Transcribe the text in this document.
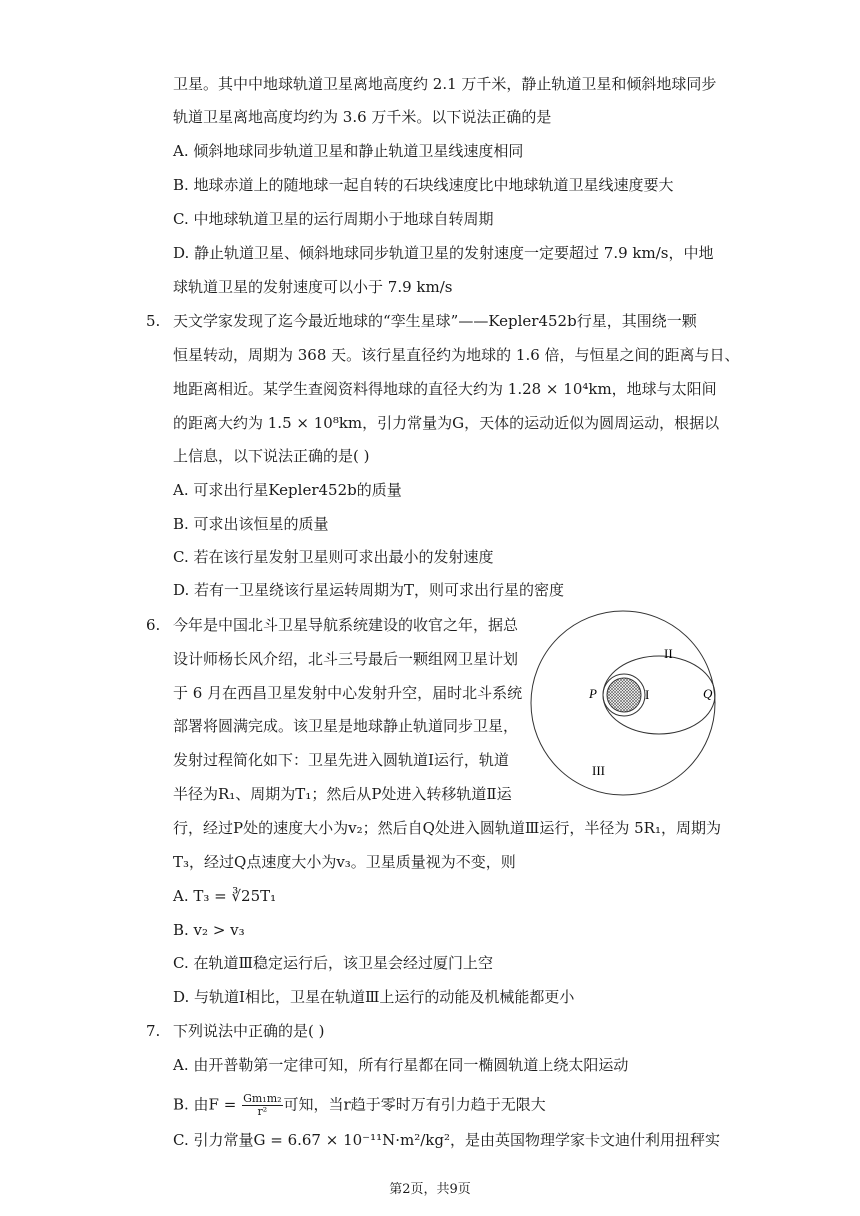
卫星。其中中地球轨道卫星离地高度约 2.1 万千米，静止轨道卫星和倾斜地球同步
轨道卫星离地高度均约为 3.6 万千米。以下说法正确的是
A. 倾斜地球同步轨道卫星和静止轨道卫星线速度相同
B. 地球赤道上的随地球一起自转的石块线速度比中地球轨道卫星线速度要大
C. 中地球轨道卫星的运行周期小于地球自转周期
D. 静止轨道卫星、倾斜地球同步轨道卫星的发射速度一定要超过 7.9 km/s，中地
球轨道卫星的发射速度可以小于 7.9 km/s
5. 天文学家发现了迄今最近地球的“孪生星球”——Kepler452b行星，其围绕一颗
恒星转动，周期为 368 天。该行星直径约为地球的 1.6 倍，与恒星之间的距离与日、
地距离相近。某学生查阅资料得地球的直径大约为 1.28 × 10⁴km，地球与太阳间
的距离大约为 1.5 × 10⁸km，引力常量为G，天体的运动近似为圆周运动，根据以
上信息，以下说法正确的是( )
A. 可求出行星Kepler452b的质量
B. 可求出该恒星的质量
C. 若在该行星发射卫星则可求出最小的发射速度
D. 若有一卫星绕该行星运转周期为T，则可求出行星的密度
6. 今年是中国北斗卫星导航系统建设的收官之年，据总
设计师杨长风介绍，北斗三号最后一颗组网卫星计划
于 6 月在西昌卫星发射中心发射升空，届时北斗系统
部署将圆满完成。该卫星是地球静止轨道同步卫星，
发射过程简化如下：卫星先进入圆轨道Ⅰ运行，轨道
半径为R₁、周期为T₁；然后从P处进入转移轨道Ⅱ运
行，经过P处的速度大小为v₂；然后自Q处进入圆轨道Ⅲ运行，半径为 5R₁，周期为
T₃，经过Q点速度大小为v₃。卫星质量视为不变，则
A. T₃ = ∛25T₁
B. v₂ > v₃
C. 在轨道Ⅲ稳定运行后，该卫星会经过厦门上空
D. 与轨道Ⅰ相比，卫星在轨道Ⅲ上运行的动能及机械能都更小
P	Q
I
II
III
7. 下列说法中正确的是( )
A. 由开普勒第一定律可知，所有行星都在同一椭圆轨道上绕太阳运动
B. 由$F = \frac{\text{Gm₁m₂}}{\text{r²}}$ 可知，当r趋于零时万有引力趋于无限大
C. 引力常量G = 6.67 × 10⁻¹¹N·m²/kg²，是由英国物理学家卡文迪什利用扭秤实
第2页，共9页
